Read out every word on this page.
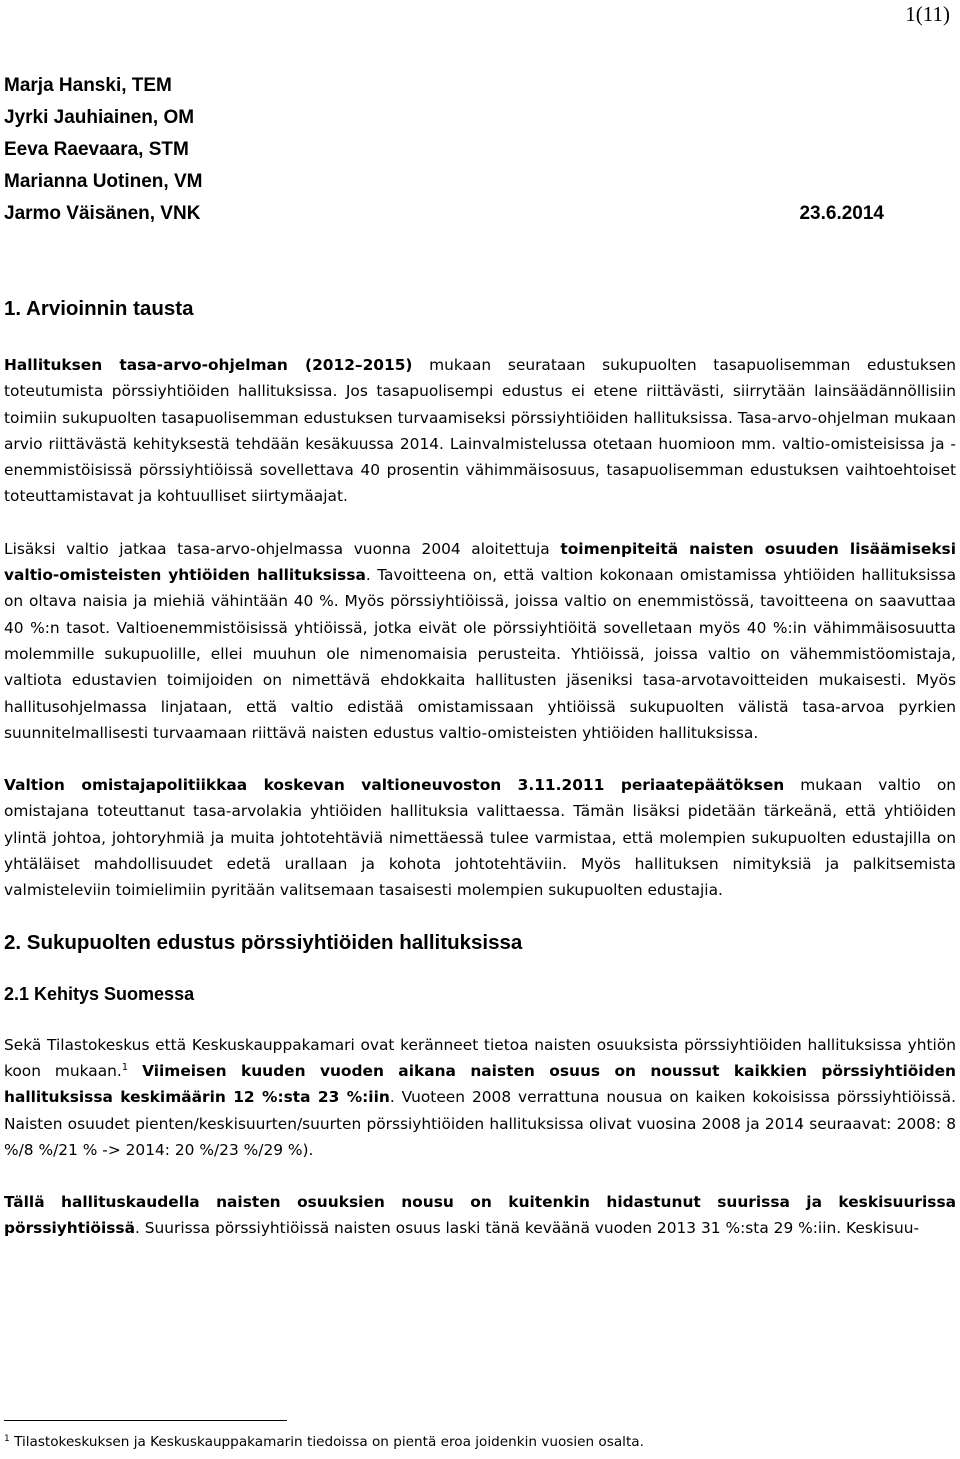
1(11)
Marja Hanski, TEM
Jyrki Jauhiainen, OM
Eeva Raevaara, STM
Marianna Uotinen, VM
Jarmo Väisänen, VNK	23.6.2014
1. Arvioinnin tausta

Hallituksen tasa-arvo-ohjelman (2012–2015) mukaan seurataan sukupuolten tasapuolisemman edustuksen toteutumista pörssiyhtiöiden hallituksissa. Jos tasapuolisempi edustus ei etene riittävästi, siirrytään lainsäädännöllisiin toimiin sukupuolten tasapuolisemman edustuksen turvaamiseksi pörssiyhtiöiden hallituksissa. Tasa-arvo-ohjelman mukaan arvio riittävästä kehityksestä tehdään kesäkuussa 2014. Lainvalmistelussa otetaan huomioon mm. valtio-omisteisissa ja -enemmistöisissä pörssiyhtiöissä sovellettava 40 prosentin vähimmäisosuus, tasapuolisemman edustuksen vaihtoehtoiset toteuttamistavat ja kohtuulliset siirtymäajat.

Lisäksi valtio jatkaa tasa-arvo-ohjelmassa vuonna 2004 aloitettuja toimenpiteitä naisten osuuden lisäämiseksi valtio-omisteisten yhtiöiden hallituksissa. Tavoitteena on, että valtion kokonaan omistamissa yhtiöiden hallituksissa on oltava naisia ja miehiä vähintään 40 %. Myös pörssiyhtiöissä, joissa valtio on enemmistössä, tavoitteena on saavuttaa 40 %:n tasot. Valtioenemmistöisissä yhtiöissä, jotka eivät ole pörssiyhtiöitä sovelletaan myös 40 %:in vähimmäisosuutta molemmille sukupuolille, ellei muuhun ole nimenomaisia perusteita. Yhtiöissä, joissa valtio on vähemmistöomistaja, valtiota edustavien toimijoiden on nimettävä ehdokkaita hallitusten jäseniksi tasa-arvotavoitteiden mukaisesti. Myös hallitusohjelmassa linjataan, että valtio edistää omistamissaan yhtiöissä sukupuolten välistä tasa-arvoa pyrkien suunnitelmallisesti turvaamaan riittävä naisten edustus valtio-omisteisten yhtiöiden hallituksissa.

Valtion omistajapolitiikkaa koskevan valtioneuvoston 3.11.2011 periaatepäätöksen mukaan valtio on omistajana toteuttanut tasa-arvolakia yhtiöiden hallituksia valittaessa. Tämän lisäksi pidetään tärkeänä, että yhtiöiden ylintä johtoa, johtoryhmiä ja muita johtotehtäviä nimettäessä tulee varmistaa, että molempien sukupuolten edustajilla on yhtäläiset mahdollisuudet edetä urallaan ja kohota johtotehtäviin. Myös hallituksen nimityksiä ja palkitsemista valmisteleviin toimielimiin pyritään valitsemaan tasaisesti molempien sukupuolten edustajia.

2. Sukupuolten edustus pörssiyhtiöiden hallituksissa
2.1 Kehitys Suomessa

Sekä Tilastokeskus että Keskuskauppakamari ovat keränneet tietoa naisten osuuksista pörssiyhtiöiden hallituksissa yhtiön koon mukaan.$^1$ Viimeisen kuuden vuoden aikana naisten osuus on noussut kaikkien pörssiyhtiöiden hallituksissa keskimäärin 12 %:sta 23 %:iin. Vuoteen 2008 verrattuna nousua on kaiken kokoisissa pörssiyhtiöissä. Naisten osuudet pienten/keskisuurten/suurten pörssiyhtiöiden hallituksissa olivat vuosina 2008 ja 2014 seuraavat: 2008: 8 %/8 %/21 % -> 2014: 20 %/23 %/29 %).

Tällä hallituskaudella naisten osuuksien nousu on kuitenkin hidastunut suurissa ja keskisuurissa pörssiyhtiöissä. Suurissa pörssiyhtiöissä naisten osuus laski tänä keväänä vuoden 2013 31 %:sta 29 %:iin. Keskisuu-

$^1$ Tilastokeskuksen ja Keskuskauppakamarin tiedoissa on pientä eroa joidenkin vuosien osalta.
